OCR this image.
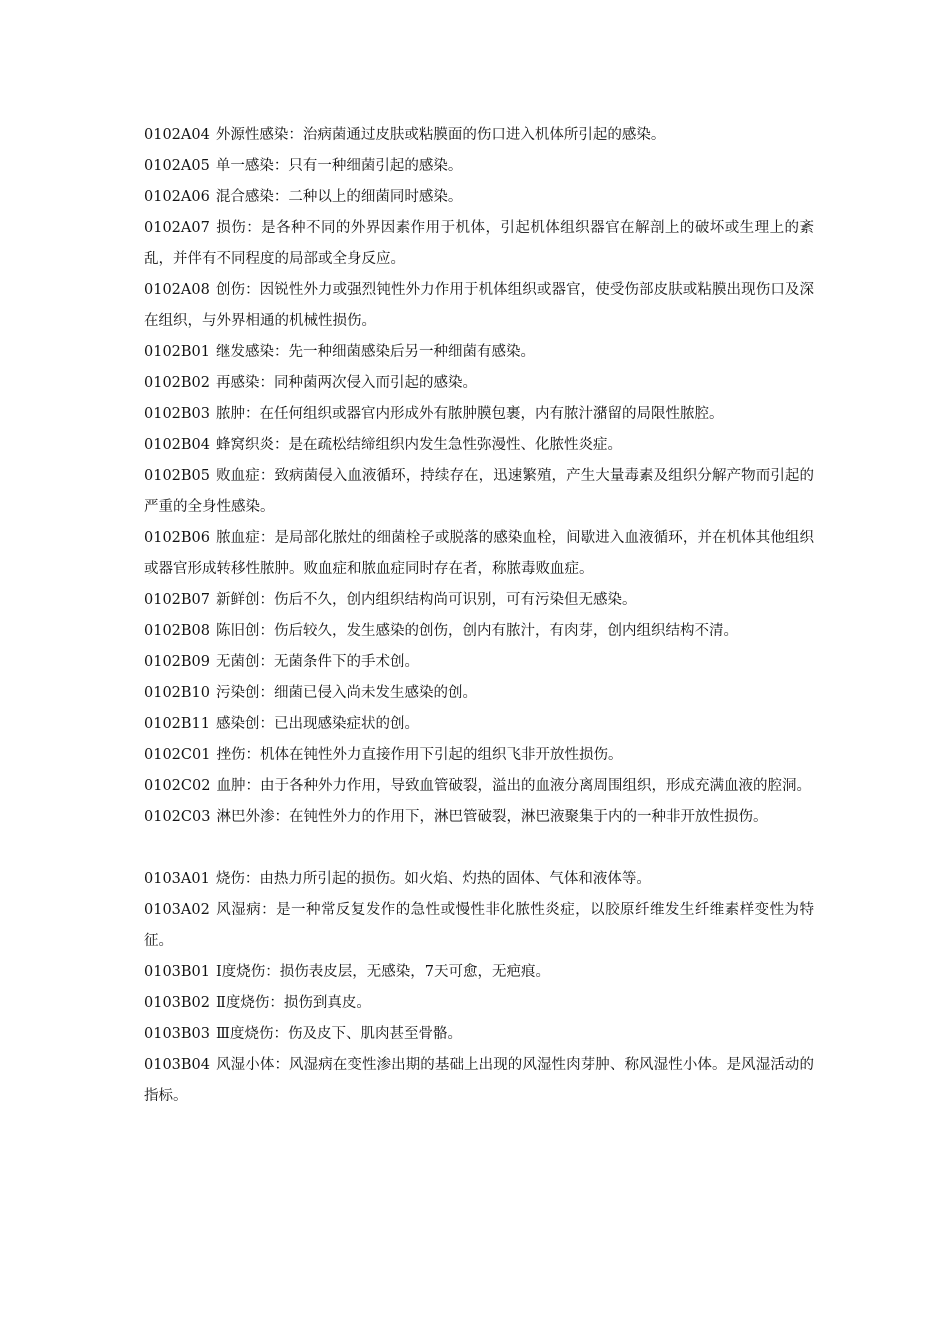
0102A04 外源性感染：治病菌通过皮肤或粘膜面的伤口进入机体所引起的感染。

0102A05 单一感染：只有一种细菌引起的感染。

0102A06 混合感染：二种以上的细菌同时感染。

0102A07 损伤：是各种不同的外界因素作用于机体，引起机体组织器官在解剖上的破坏或生理上的紊乱，并伴有不同程度的局部或全身反应。

0102A08 创伤：因锐性外力或强烈钝性外力作用于机体组织或器官，使受伤部皮肤或粘膜出现伤口及深在组织，与外界相通的机械性损伤。

0102B01 继发感染：先一种细菌感染后另一种细菌有感染。

0102B02 再感染：同种菌两次侵入而引起的感染。

0102B03 脓肿：在任何组织或器官内形成外有脓肿膜包裹，内有脓汁潴留的局限性脓腔。

0102B04 蜂窝织炎：是在疏松结缔组织内发生急性弥漫性、化脓性炎症。

0102B05 败血症：致病菌侵入血液循环，持续存在，迅速繁殖，产生大量毒素及组织分解产物而引起的严重的全身性感染。

0102B06 脓血症：是局部化脓灶的细菌栓子或脱落的感染血栓，间歇进入血液循环，并在机体其他组织或器官形成转移性脓肿。败血症和脓血症同时存在者，称脓毒败血症。

0102B07 新鲜创：伤后不久，创内组织结构尚可识别，可有污染但无感染。

0102B08 陈旧创：伤后较久，发生感染的创伤，创内有脓汁，有肉芽，创内组织结构不清。

0102B09 无菌创：无菌条件下的手术创。

0102B10 污染创：细菌已侵入尚未发生感染的创。

0102B11 感染创：已出现感染症状的创。

0102C01 挫伤：机体在钝性外力直接作用下引起的组织飞非开放性损伤。

0102C02 血肿：由于各种外力作用，导致血管破裂，溢出的血液分离周围组织，形成充满血液的腔洞。

0102C03 淋巴外渗：在钝性外力的作用下，淋巴管破裂，淋巴液聚集于内的一种非开放性损伤。

0103A01 烧伤：由热力所引起的损伤。如火焰、灼热的固体、气体和液体等。

0103A02 风湿病：是一种常反复发作的急性或慢性非化脓性炎症，以胶原纤维发生纤维素样变性为特征。

0103B01 Ⅰ度烧伤：损伤表皮层，无感染，7天可愈，无疤痕。

0103B02 Ⅱ度烧伤：损伤到真皮。

0103B03 Ⅲ度烧伤：伤及皮下、肌肉甚至骨骼。

0103B04 风湿小体：风湿病在变性渗出期的基础上出现的风湿性肉芽肿、称风湿性小体。是风湿活动的指标。
